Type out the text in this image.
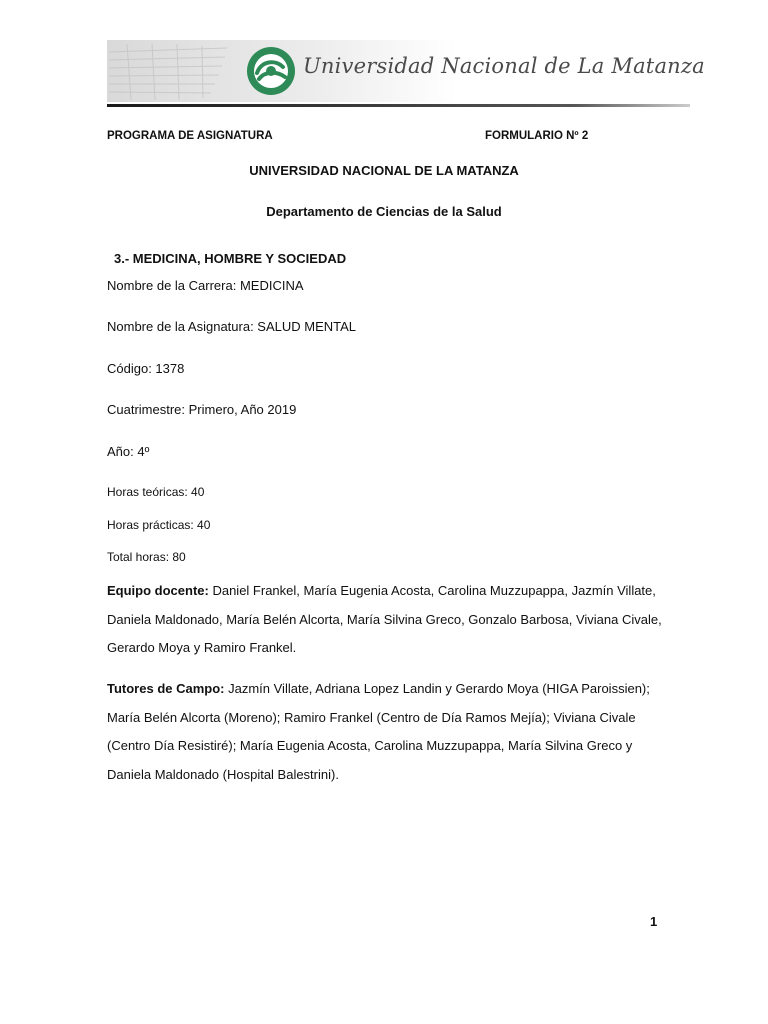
Universidad Nacional de La Matanza
PROGRAMA DE ASIGNATURA	FORMULARIO Nº 2
UNIVERSIDAD NACIONAL DE LA MATANZA
Departamento de Ciencias de la Salud
3.- MEDICINA, HOMBRE Y SOCIEDAD
Nombre de la Carrera: MEDICINA
Nombre de la Asignatura: SALUD MENTAL
Código: 1378
Cuatrimestre: Primero, Año 2019
Año: 4º
Horas teóricas: 40
Horas prácticas: 40
Total horas: 80
Equipo docente: Daniel Frankel, María Eugenia Acosta, Carolina Muzzupappa, Jazmín Villate, Daniela Maldonado, María Belén Alcorta, María Silvina Greco, Gonzalo Barbosa, Viviana Civale, Gerardo Moya y Ramiro Frankel.
Tutores de Campo: Jazmín Villate, Adriana Lopez Landin y Gerardo Moya (HIGA Paroissien); María Belén Alcorta (Moreno); Ramiro Frankel (Centro de Día Ramos Mejía); Viviana Civale (Centro Día Resistiré); María Eugenia Acosta, Carolina Muzzupappa, María Silvina Greco y Daniela Maldonado (Hospital Balestrini).
1
